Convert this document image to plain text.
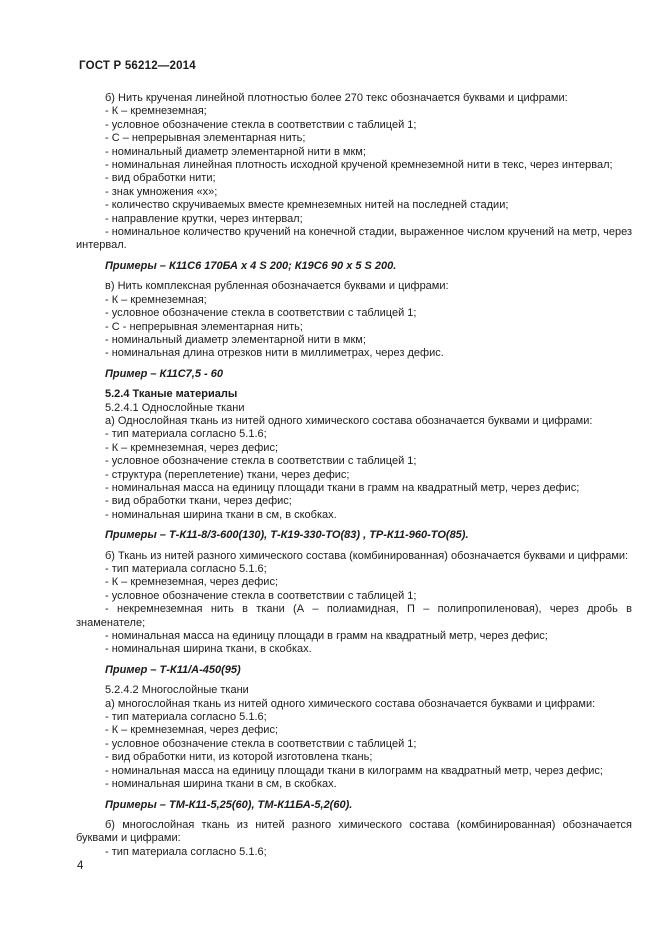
ГОСТ Р 56212—2014
б) Нить крученая линейной плотностью более 270 текс обозначается буквами и цифрами:
- К – кремнеземная;
- условное обозначение стекла в соответствии с таблицей 1;
- С – непрерывная элементарная нить;
- номинальный диаметр элементарной нити в мкм;
- номинальная линейная плотность исходной крученой кремнеземной нити в текс, через интервал;
- вид обработки нити;
- знак умножения «х»;
- количество скручиваемых вместе кремнеземных нитей на последней стадии;
- направление крутки, через интервал;
- номинальное количество кручений на конечной стадии, выраженное числом кручений на метр, через интервал.
Примеры – К11С6 170БА х 4 S 200; К19С6 90 х 5 S 200.
в) Нить комплексная рубленная обозначается буквами и цифрами:
- К – кремнеземная;
- условное обозначение стекла в соответствии с таблицей 1;
- С - непрерывная элементарная нить;
- номинальный диаметр элементарной нити в мкм;
- номинальная длина отрезков нити в миллиметрах, через дефис.
Пример – К11С7,5 - 60
5.2.4 Тканые материалы
5.2.4.1 Однослойные ткани
а) Однослойная ткань из нитей одного химического состава обозначается буквами и цифрами:
- тип материала согласно 5.1.6;
- К – кремнеземная, через дефис;
- условное обозначение стекла в соответствии с таблицей 1;
- структура (переплетение) ткани, через дефис;
- номинальная масса на единицу площади ткани в грамм на квадратный метр, через дефис;
- вид обработки ткани, через дефис;
- номинальная ширина ткани в см, в скобках.
Примеры – Т-К11-8/3-600(130), Т-К19-330-ТО(83) , ТР-К11-960-ТО(85).
б) Ткань из нитей разного химического состава (комбинированная) обозначается буквами и цифрами:
- тип материала согласно 5.1.6;
- К – кремнеземная, через дефис;
- условное обозначение стекла в соответствии с таблицей 1;
- некремнеземная нить в ткани (А – полиамидная, П – полипропиленовая), через дробь в знаменателе;
- номинальная масса на единицу площади в грамм на квадратный метр, через дефис;
- номинальная ширина ткани, в скобках.
Пример – Т-К11/А-450(95)
5.2.4.2 Многослойные ткани
а) многослойная ткань из нитей одного химического состава обозначается буквами и цифрами:
- тип материала согласно 5.1.6;
- К – кремнеземная, через дефис;
- условное обозначение стекла в соответствии с таблицей 1;
- вид обработки нити, из которой изготовлена ткань;
- номинальная масса на единицу площади ткани в килограмм на квадратный метр, через дефис;
- номинальная ширина ткани в см, в скобках.
Примеры – ТМ-К11-5,25(60), ТМ-К11БА-5,2(60).
б) многослойная ткань из нитей разного химического состава (комбинированная) обозначается буквами и цифрами:
- тип материала согласно 5.1.6;
4
